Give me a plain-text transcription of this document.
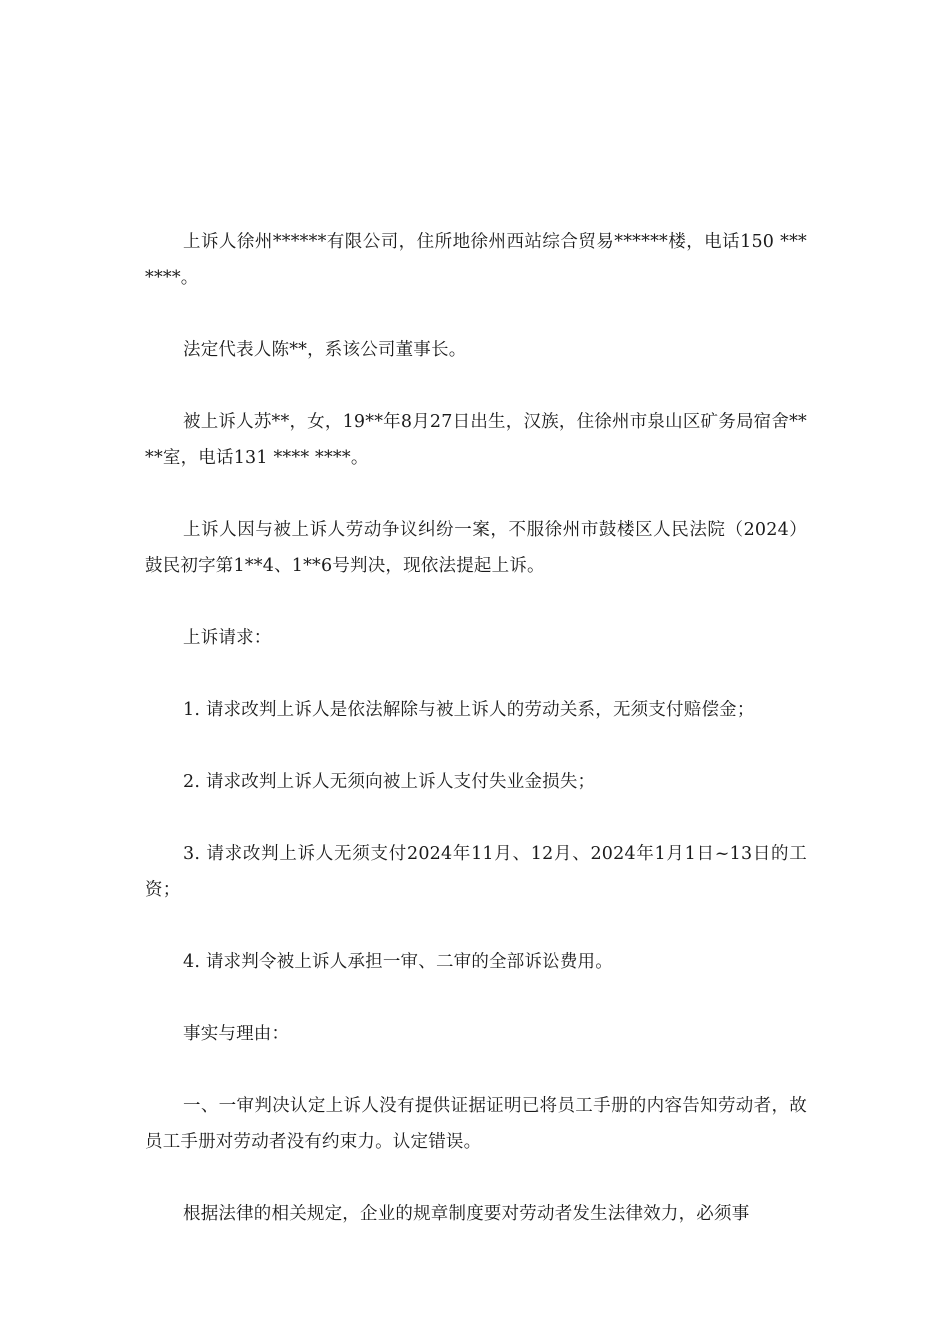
上诉人徐州******有限公司，住所地徐州西站综合贸易******楼，电话150 *******。

法定代表人陈**，系该公司董事长。

被上诉人苏**，女，19**年8月27日出生，汉族，住徐州市泉山区矿务局宿舍****室，电话131 **** ****。

上诉人因与被上诉人劳动争议纠纷一案，不服徐州市鼓楼区人民法院（2024）鼓民初字第1**4、1**6号判决，现依法提起上诉。

上诉请求：

1. 请求改判上诉人是依法解除与被上诉人的劳动关系，无须支付赔偿金；

2. 请求改判上诉人无须向被上诉人支付失业金损失；

3. 请求改判上诉人无须支付2024年11月、12月、2024年1月1日~13日的工资；

4. 请求判令被上诉人承担一审、二审的全部诉讼费用。

事实与理由：

一、一审判决认定上诉人没有提供证据证明已将员工手册的内容告知劳动者，故员工手册对劳动者没有约束力。认定错误。

根据法律的相关规定，企业的规章制度要对劳动者发生法律效力，必须事
